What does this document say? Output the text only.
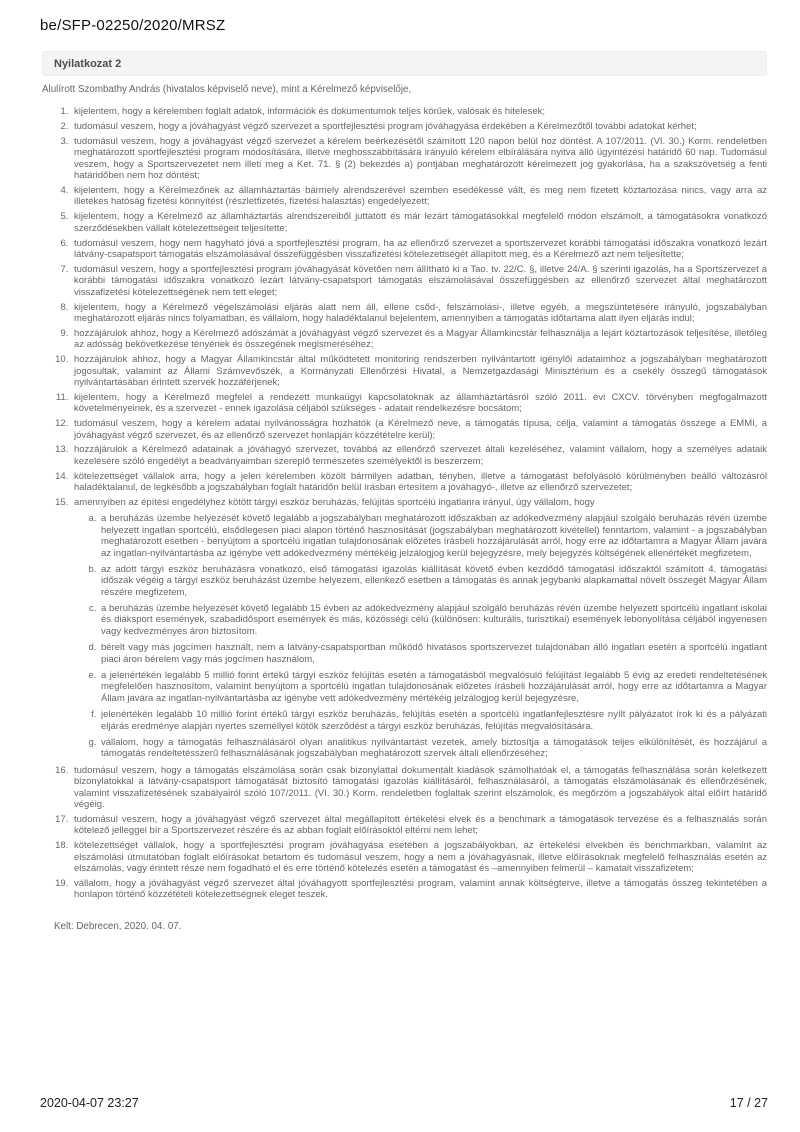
be/SFP-02250/2020/MRSZ
Nyilatkozat 2

Alulírott Szombathy András (hivatalos képviselő neve), mint a Kérelmező képviselője,

1. kijelentem, hogy a kérelemben foglalt adatok, információk és dokumentumok teljes körűek, valósak és hitelesek;
2. tudomásul veszem, hogy a jóváhagyást végző szervezet a sportfejlesztési program jóváhagyása érdekében a Kérelmezőtől további adatokat kérhet;
3. tudomásul veszem, hogy a jóváhagyást végző szervezet a kérelem beérkezésétől számított 120 napon belül hoz döntést. A 107/2011. (VI. 30.) Korm. rendeletben meghatározott sportfejlesztési program módosítására, illetve meghosszabbítására irányuló kérelem elbírálására nyitva álló ügyintézési határidő 60 nap. Tudomásul veszem, hogy a Sportszervezetet nem illeti meg a Ket. 71. § (2) bekezdés a) pontjában meghatározott kérelmezett jog gyakorlása, ha a szakszövetség a fenti határidőben nem hoz döntést;
4. kijelentem, hogy a Kérelmezőnek az államháztartás bármely alrendszerével szemben esedékessé vált, és meg nem fizetett köztartozása nincs, vagy arra az illetékes hatóság fizetési könnyítést (részletfizetés, fizetési halasztás) engedélyezett;
5. kijelentem, hogy a Kérelmező az államháztartás alrendszereiből juttatott és már lezárt támogatásokkal megfelelő módon elszámolt, a támogatásokra vonatkozó szerződésekben vállalt kötelezettségeit teljesítette;
6. tudomásul veszem, hogy nem hagyható jóvá a sportfejlesztési program, ha az ellenőrző szervezet a sportszervezet korábbi támogatási időszakra vonatkozó lezárt látvány-csapatsport támogatás elszámolásával összefüggésben visszafizetési kötelezettségét állapított meg, és a Kérelmező azt nem teljesítette;
7. tudomásul veszem, hogy a sportfejlesztési program jóváhagyását követően nem állítható ki a Tao. tv. 22/C. §, illetve 24/A. § szerinti igazolás, ha a Sportszervezet a korábbi támogatási időszakra vonatkozó lezárt látvány-csapatsport támogatás elszámolásával összefüggésben az ellenőrző szervezet által meghatározott visszafizetési kötelezettségének nem tett eleget;
8. kijelentem, hogy a Kérelmező végelszámolási eljárás alatt nem áll, ellene csőd-, felszámolási-, illetve egyéb, a megszüntetésére irányuló, jogszabályban meghatározott eljárás nincs folyamatban, és vállalom, hogy haladéktalanul bejelentem, amennyiben a támogatás időtartama alatt ilyen eljárás indul;
9. hozzájárulok ahhoz, hogy a Kérelmező adószámát a jóváhagyást végző szervezet és a Magyar Államkincstár felhasználja a lejárt köztartozások teljesítése, illetőleg az adósság bekövetkezése tényének és összegének megismeréséhez;
10. hozzájárulok ahhoz, hogy a Magyar Államkincstár által működtetett monitoring rendszerben nyilvántartott igénylői adataimhoz a jogszabályban meghatározott jogosultak, valamint az Állami Számvevőszék, a Kormányzati Ellenőrzési Hivatal, a Nemzetgazdasági Minisztérium és a csekély összegű támogatások nyilvántartásában érintett szervek hozzáférjenek;
11. kijelentem, hogy a Kérelmező megfelel a rendezett munkaügyi kapcsolatoknak az államháztartásról szóló 2011. évi CXCV. törvényben megfogalmazott követelményeinek, és a szervezet - ennek igazolása céljából szükséges - adatait rendelkezésre bocsátom;
12. tudomásul veszem, hogy a kérelem adatai nyilvánosságra hozhatók (a Kérelmező neve, a támogatás típusa, célja, valamint a támogatás összege a EMMI, a jóváhagyást végző szervezet, és az ellenőrző szervezet honlapján közzétételre kerül);
13. hozzájárulok a Kérelmező adatainak a jóváhagyó szervezet, továbbá az ellenőrző szervezet általi kezeléséhez, valamint vállalom, hogy a személyes adataik kezelésére szóló engedélyt a beadványaimban szereplő természetes személyektől is beszerzem;
14. kötelezettséget vállalok arra, hogy a jelen kérelemben közölt bármilyen adatban, tényben, illetve a támogatást befolyásoló körülményben beálló változásról haladéktalanul, de legkésőbb a jogszabályban foglalt határidőn belül írásban értesítem a jóváhagyó-, illetve az ellenőrző szervezetet;
15. amennyiben az építési engedélyhez kötött tárgyi eszköz beruházás, felújítás sportcélú ingatlanra irányul, úgy vállalom, hogy
a. a beruházás üzembe helyezését követő legalább a jogszabályban meghatározott időszakban az adókedvezmény alapjául szolgáló beruházás révén üzembe helyezett ingatlan sportcélú, elsődlegesen piaci alapon történő hasznosítását (jogszabályban meghatározott kivétellel) fenntartom, valamint - a jogszabályban meghatározott esetben - benyújtom a sportcélú ingatlan tulajdonosának előzetes írásbeli hozzájárulását arról, hogy erre az időtartamra a Magyar Állam javára az ingatlan-nyilvántartásba az igénybe vett adókedvezmény mértékéig jelzálogjog kerül bejegyzésre, mely bejegyzés költségének ellenértékét megfizetem,
b. az adott tárgyi eszköz beruházásra vonatkozó, első támogatási igazolás kiállítását követő évben kezdődő támogatási időszaktól számított 4. támogatási időszak végéig a tárgyi eszköz beruházást üzembe helyezem, ellenkező esetben a támogatás és annak jegybanki alapkamattal növelt összegét Magyar Állam részére megfizetem,
c. a beruházás üzembe helyezését követő legalább 15 évben az adókedvezmény alapjául szolgáló beruházás révén üzembe helyezett sportcélú ingatlant iskolai és diáksport események, szabadidősport események és más, közösségi célú (különösen: kulturális, turisztikai) események lebonyolítása céljából ingyenesen vagy kedvezményes áron biztosítom.
d. bérelt vagy más jogcímen használt, nem a látvány-csapatsportban működő hivatásos sportszervezet tulajdonában álló ingatlan esetén a sportcélú ingatlant piaci áron bérelem vagy más jogcímen használom,
e. a jelenértékén legalább 5 millió forint értékű tárgyi eszköz felújítás esetén a támogatásból megvalósuló felújítást legalább 5 évig az eredeti rendeltetésének megfelelően hasznosítom, valamint benyújtom a sportcélú ingatlan tulajdonosának előzetes írásbeli hozzájárulását arról, hogy erre az időtartamra a Magyar Állam javára az ingatlan-nyilvántartásba az igénybe vett adókedvezmény mértékéig jelzálogjog kerül bejegyzésre,
f. jelenértékén legalább 10 millió forint értékű tárgyi eszköz beruházás, felújítás esetén a sportcélú ingatlanfejlesztésre nyílt pályázatot írok ki és a pályázati eljárás eredménye alapján nyertes személlyel kötök szerződést a tárgyi eszköz beruházás, felújítás megvalósítására.
g. vállalom, hogy a támogatás felhasználásáról olyan analitikus nyilvántartást vezetek, amely biztosítja a támogatások teljes elkülönítését, és hozzájárul a támogatás rendeltetésszerű felhasználásának jogszabályban meghatározott szervek általi ellenőrzéséhez;
16. tudomásul veszem, hogy a támogatás elszámolása során csak bizonylattal dokumentált kiadások számolhatóak el, a támogatás felhasználása során keletkezett bizonylatokkal a látvány-csapatsport támogatását biztosító támogatási igazolás kiállításáról, felhasználásáról, a támogatás elszámolásának és ellenőrzésének, valamint visszafizetésének szabályairól szóló 107/2011. (VI. 30.) Korm. rendeletben foglaltak szerint elszámolok, és megőrzöm a jogszabályok által előírt határidő végéig.
17. tudomásul veszem, hogy a jóváhagyást végző szervezet által megállapított értékelési elvek és a benchmark a támogatások tervezése és a felhasználás során kötelező jelleggel bír a Sportszervezet részére és az abban foglalt előírásoktól eltérni nem lehet;
18. kötelezettséget vállalok, hogy a sportfejlesztési program jóváhagyása esetében a jogszabályokban, az értékelési elvekben és benchmarkban, valamint az elszámolási útmutatóban foglalt előírásokat betartom és tudomásul veszem, hogy a nem a jóváhagyásnak, illetve előírásoknak megfelelő felhasználás esetén az elszámolás, vagy érintett része nem fogadható el és erre történő kötelezés esetén a támogatást és –amennyiben felmerül – kamatait visszafizetem;
19. vállalom, hogy a jóváhagyást végző szervezet által jóváhagyott sportfejlesztési program, valamint annak költségterve, illetve a támogatás összeg tekintetében a honlapon történő közzétételi kötelezettségnek eleget teszek.

Kelt: Debrecen, 2020. 04. 07.

2020-04-07 23:27	17 / 27
